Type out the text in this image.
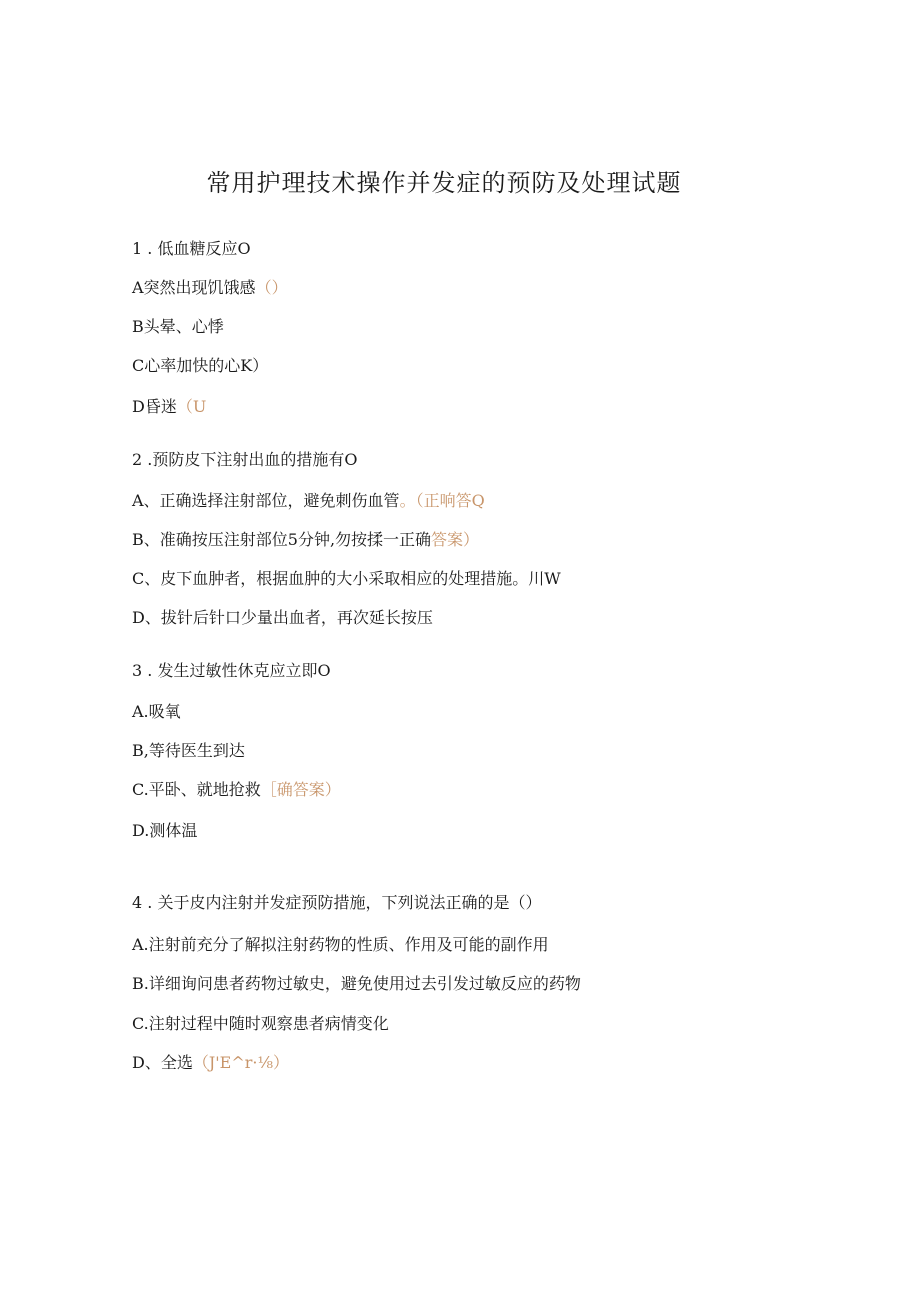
常用护理技术操作并发症的预防及处理试题
1 . 低血糖反应O
A突然出现饥饿感（）
B头晕、心悸
C心率加快的心K）
D昏迷（U
2 .预防皮下注射出血的措施有O
A、正确选择注射部位，避免刺伤血管。（正响答Q
B、准确按压注射部位5分钟,勿按揉一正确答案）
C、皮下血肿者，根据血肿的大小采取相应的处理措施。川W
D、拔针后针口少量出血者，再次延长按压
3 . 发生过敏性休克应立即O
A.吸氧
B,等待医生到达
C.平卧、就地抢救［确答案）
D.测体温
4 . 关于皮内注射并发症预防措施，下列说法正确的是（）
A.注射前充分了解拟注射药物的性质、作用及可能的副作用
B.详细询问患者药物过敏史，避免使用过去引发过敏反应的药物
C.注射过程中随时观察患者病情变化
D、全选（J'E^r·⅛）
